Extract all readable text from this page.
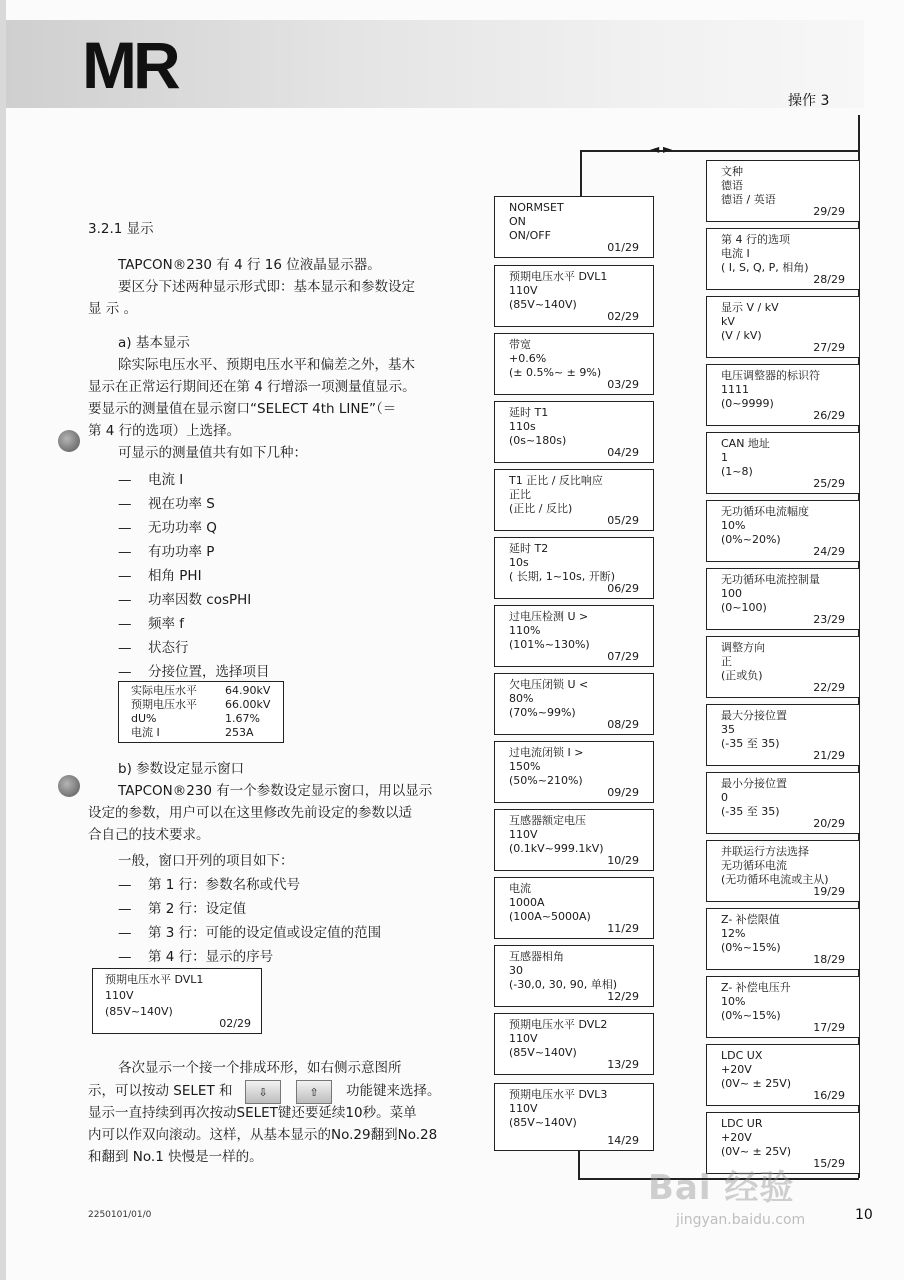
MR	操作 3
3.2.1 显示
TAPCON®230 有 4 行 16 位液晶显示器。
要区分下述两种显示形式即：基本显示和参数设定
显 示 。
a) 基本显示
除实际电压水平、预期电压水平和偏差之外，基木
显示在正常运行期间还在第 4 行增添一项测量值显示。
要显示的测量值在显示窗口“SELECT 4th LINE”（＝
第 4 行的选项）上选择。
可显示的测量值共有如下几种：
— 电流 I
— 视在功率 S
— 无功功率 Q
— 有功功率 P
— 相角 PHI
— 功率因数 cosPHI
— 频率 f
— 状态行
— 分接位置，选择项目
实际电压水平	64.90kV
预期电压水平	66.00kV
dU%	1.67%
电流 I	253A
b) 参数设定显示窗口
TAPCON®230 有一个参数设定显示窗口，用以显示
设定的参数，用户可以在这里修改先前设定的参数以适
合自己的技术要求。
一般，窗口开列的项目如下：
— 第 1 行：参数名称或代号
— 第 2 行：设定值
— 第 3 行：可能的设定值或设定值的范围
— 第 4 行：显示的序号
预期电压水平 DVL1
110V
(85V~140V)
02/29
各次显示一个接一个排成环形，如右侧示意图所
示，可以按动 SELET 和	⇩	⇧	功能键来选择。
显示一直持续到再次按动SELET键还要延续10秒。菜单
内可以作双向滚动。这样，从基本显示的No.29翻到No.28
和翻到 No.1 快慢是一样的。
◄ ►
NORMSET
ON
ON/OFF
01/29
预期电压水平 DVL1
110V
(85V~140V)
02/29
带宽
+0.6%
(± 0.5%~ ± 9%)
03/29
延时 T1
110s
(0s~180s)
04/29
T1 正比 / 反比响应
正比
(正比 / 反比)
05/29
延时 T2
10s
( 长期, 1~10s, 开断)
06/29
过电压检测 U >
110%
(101%~130%)
07/29
欠电压闭锁 U <
80%
(70%~99%)
08/29
过电流闭锁 I >
150%
(50%~210%)
09/29
互感器额定电压
110V
(0.1kV~999.1kV)
10/29
电流
1000A
(100A~5000A)
11/29
互感器相角
30
(-30,0, 30, 90, 单相)
12/29
预期电压水平 DVL2
110V
(85V~140V)
13/29
预期电压水平 DVL3
110V
(85V~140V)
14/29
文种
德语
德语 / 英语
29/29
第 4 行的选项
电流 I
( I, S, Q, P, 相角)
28/29
显示 V / kV
kV
(V / kV)
27/29
电压调整器的标识符
1111
(0~9999)
26/29
CAN 地址
1
(1~8)
25/29
无功循环电流幅度
10%
(0%~20%)
24/29
无功循环电流控制量
100
(0~100)
23/29
调整方向
正
(正或负)
22/29
最大分接位置
35
(-35 至 35)
21/29
最小分接位置
0
(-35 至 35)
20/29
并联运行方法选择
无功循环电流
(无功循环电流或主从)
19/29
Z- 补偿限值
12%
(0%~15%)
18/29
Z- 补偿电压升
10%
(0%~15%)
17/29
LDC UX
+20V
(0V~ ± 25V)
16/29
LDC UR
+20V
(0V~ ± 25V)
15/29
2250101/01/0	10
Bai 经验
jingyan.baidu.com
